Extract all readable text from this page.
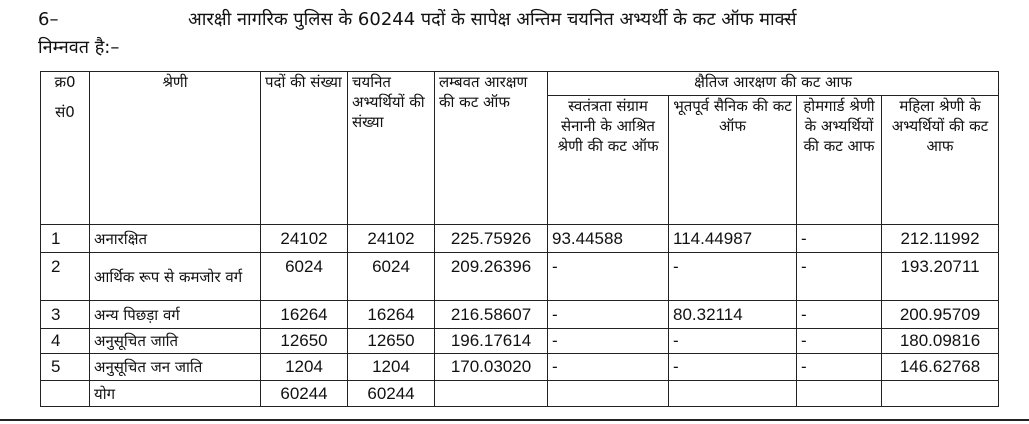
6–	आरक्षी नागरिक पुलिस के 60244 पदों के सापेक्ष अन्तिम चयनित अभ्यर्थी के कट ऑफ मार्क्स
निम्नवत है:–
क्र0
सं0	श्रेणी	पदों की संख्या	चयनित अभ्यर्थियों की संख्या	लम्बवत आरक्षण की कट ऑफ	क्षैतिज आरक्षण की कट आफ			
					स्वतंत्रता संग्राम सेनानी के आश्रित श्रेणी की कट ऑफ	भूतपूर्व सैनिक की कट ऑफ	होमगार्ड श्रेणी के अभ्यर्थियों की कट आफ	महिला श्रेणी के अभ्यर्थियों की कट आफ
1	अनारक्षित	24102	24102	225.75926	93.44588	114.44987	-	212.11992
2	आर्थिक रूप से कमजोर वर्ग	6024	6024	209.26396	-	-	-	193.20711
3	अन्य पिछड़ा वर्ग	16264	16264	216.58607	-	80.32114	-	200.95709
4	अनुसूचित जाति	12650	12650	196.17614	-	-	-	180.09816
5	अनुसूचित जन जाति	1204	1204	170.03020	-	-	-	146.62768
	योग	60244	60244					
